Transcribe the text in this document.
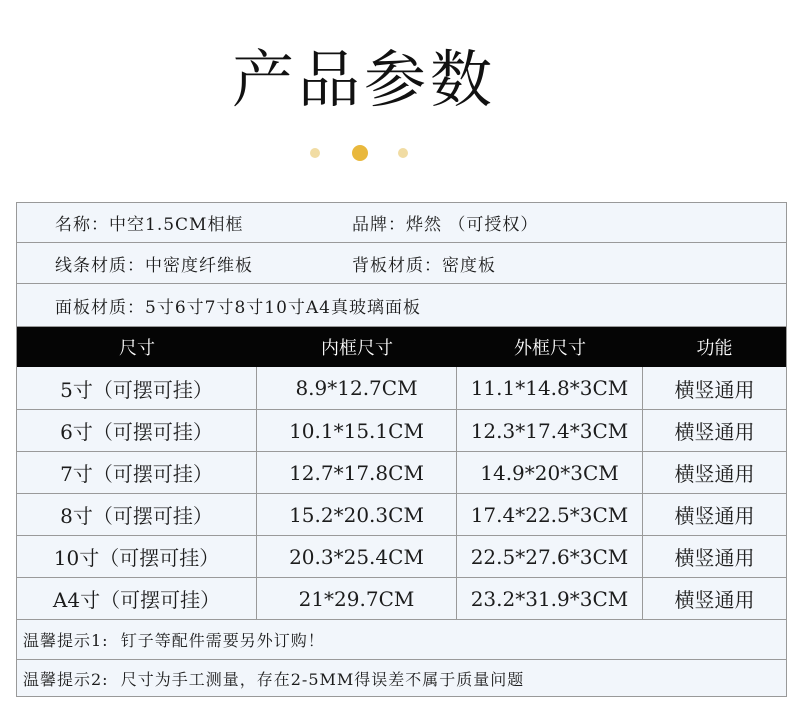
产品参数
名称：中空1.5CM相框	品牌：烨然 （可授权）
线条材质：中密度纤维板	背板材质：密度板
面板材质：5寸6寸7寸8寸10寸A4真玻璃面板
尺寸	内框尺寸	外框尺寸	功能
5寸（可摆可挂）	8.9*12.7CM	11.1*14.8*3CM	横竖通用
6寸（可摆可挂）	10.1*15.1CM	12.3*17.4*3CM	横竖通用
7寸（可摆可挂）	12.7*17.8CM	14.9*20*3CM	横竖通用
8寸（可摆可挂）	15.2*20.3CM	17.4*22.5*3CM	横竖通用
10寸（可摆可挂）	20.3*25.4CM	22.5*27.6*3CM	横竖通用
A4寸（可摆可挂）	21*29.7CM	23.2*31.9*3CM	横竖通用
温馨提示1:  钉子等配件需要另外订购！
温馨提示2:  尺寸为手工测量，存在2-5MM得误差不属于质量问题
